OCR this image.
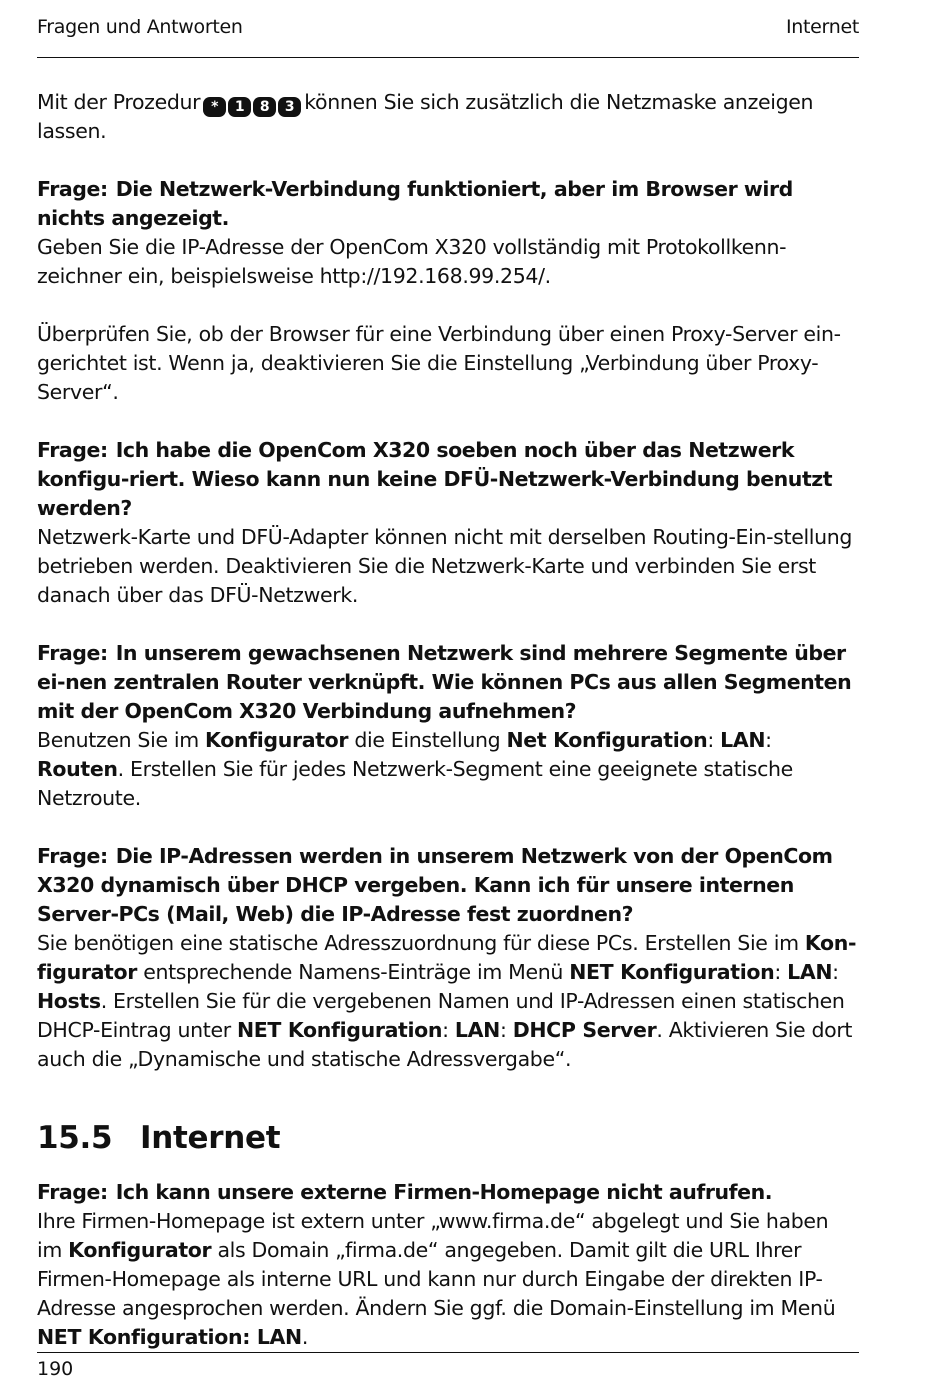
Fragen und Antworten	Internet

Mit der Prozedur *	1	8	3 können Sie sich zusätzlich die Netzmaske anzeigen lassen.

Frage: Die Netzwerk-Verbindung funktioniert, aber im Browser wird nichts angezeigt.

Geben Sie die IP-Adresse der OpenCom X320 vollständig mit Protokollkenn-zeichner ein, beispielsweise http://192.168.99.254/.

Überprüfen Sie, ob der Browser für eine Verbindung über einen Proxy-Server ein-gerichtet ist. Wenn ja, deaktivieren Sie die Einstellung „Verbindung über Proxy-Server“.

Frage: Ich habe die OpenCom X320 soeben noch über das Netzwerk konfigu-riert. Wieso kann nun keine DFÜ-Netzwerk-Verbindung benutzt werden?

Netzwerk-Karte und DFÜ-Adapter können nicht mit derselben Routing-Ein-stellung betrieben werden. Deaktivieren Sie die Netzwerk-Karte und verbinden Sie erst danach über das DFÜ-Netzwerk.

Frage: In unserem gewachsenen Netzwerk sind mehrere Segmente über ei-nen zentralen Router verknüpft. Wie können PCs aus allen Segmenten mit der OpenCom X320 Verbindung aufnehmen?

Benutzen Sie im Konfigurator die Einstellung Net Konfiguration: LAN: Routen. Erstellen Sie für jedes Netzwerk-Segment eine geeignete statische Netzroute.

Frage: Die IP-Adressen werden in unserem Netzwerk von der OpenCom X320 dynamisch über DHCP vergeben. Kann ich für unsere internen Server-PCs (Mail, Web) die IP-Adresse fest zuordnen?

Sie benötigen eine statische Adresszuordnung für diese PCs. Erstellen Sie im Kon-figurator entsprechende Namens-Einträge im Menü NET Konfiguration: LAN: Hosts. Erstellen Sie für die vergebenen Namen und IP-Adressen einen statischen DHCP-Eintrag unter NET Konfiguration: LAN: DHCP Server. Aktivieren Sie dort auch die „Dynamische und statische Adressvergabe“.

15.5 Internet

Frage: Ich kann unsere externe Firmen-Homepage nicht aufrufen.

Ihre Firmen-Homepage ist extern unter „www.firma.de“ abgelegt und Sie haben im Konfigurator als Domain „firma.de“ angegeben. Damit gilt die URL Ihrer Firmen-Homepage als interne URL und kann nur durch Eingabe der direkten IP-Adresse angesprochen werden. Ändern Sie ggf. die Domain-Einstellung im Menü NET Konfiguration: LAN.

190
